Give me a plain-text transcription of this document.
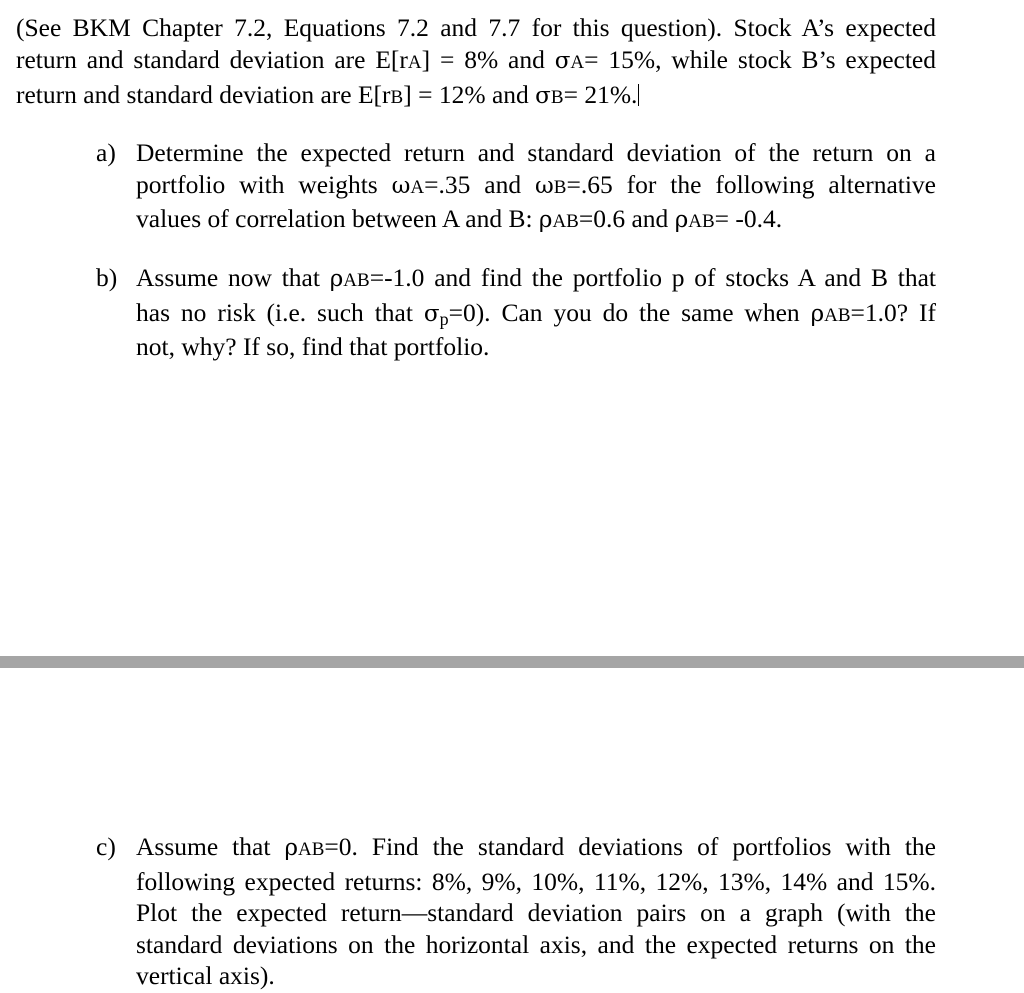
(See BKM Chapter 7.2, Equations 7.2 and 7.7 for this question). Stock A’s expected
return and standard deviation are E[rA] = 8% and σA= 15%, while stock B’s expected
return and standard deviation are E[rB] = 12% and σB= 21%.
a) Determine the expected return and standard deviation of the return on a
portfolio with weights ωA=.35 and ωB=.65 for the following alternative
values of correlation between A and B: ρAB=0.6 and ρAB= -0.4.
b) Assume now that ρAB=-1.0 and find the portfolio p of stocks A and B that
has no risk (i.e. such that $\sigma_p=0$). Can you do the same when ρAB=1.0? If
not, why? If so, find that portfolio.
c) Assume that ρAB=0. Find the standard deviations of portfolios with the
following expected returns: 8%, 9%, 10%, 11%, 12%, 13%, 14% and 15%.
Plot the expected return—standard deviation pairs on a graph (with the
standard deviations on the horizontal axis, and the expected returns on the
vertical axis).
